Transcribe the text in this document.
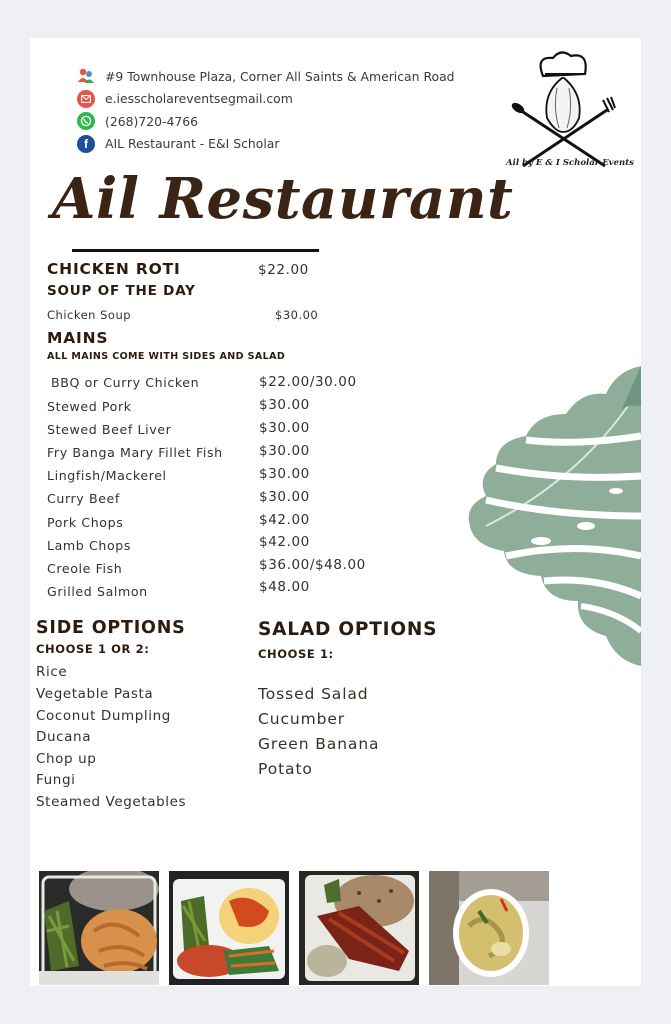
#9 Townhouse Plaza, Corner All Saints & American Road
e.iesscholareventsegmail.com
(268)720-4766
f AIL Restaurant - E&I Scholar
Ail by E & I Scholar Events
Ail Restaurant
CHICKEN ROTI	$22.00
SOUP OF THE DAY
Chicken Soup	$30.00
MAINS
ALL MAINS COME WITH SIDES AND SALAD
BBQ or Curry Chicken	$22.00/30.00
Stewed Pork	$30.00
Stewed Beef Liver	$30.00
Fry Banga Mary Fillet Fish	$30.00
Lingfish/Mackerel	$30.00
Curry Beef	$30.00
Pork Chops	$42.00
Lamb Chops	$42.00
Creole Fish	$36.00/$48.00
Grilled Salmon	$48.00
SIDE OPTIONS
CHOOSE 1 OR 2:
Rice
Vegetable Pasta
Coconut Dumpling
Ducana
Chop up
Fungi
Steamed Vegetables
SALAD OPTIONS
CHOOSE 1:
Tossed Salad
Cucumber
Green Banana
Potato
